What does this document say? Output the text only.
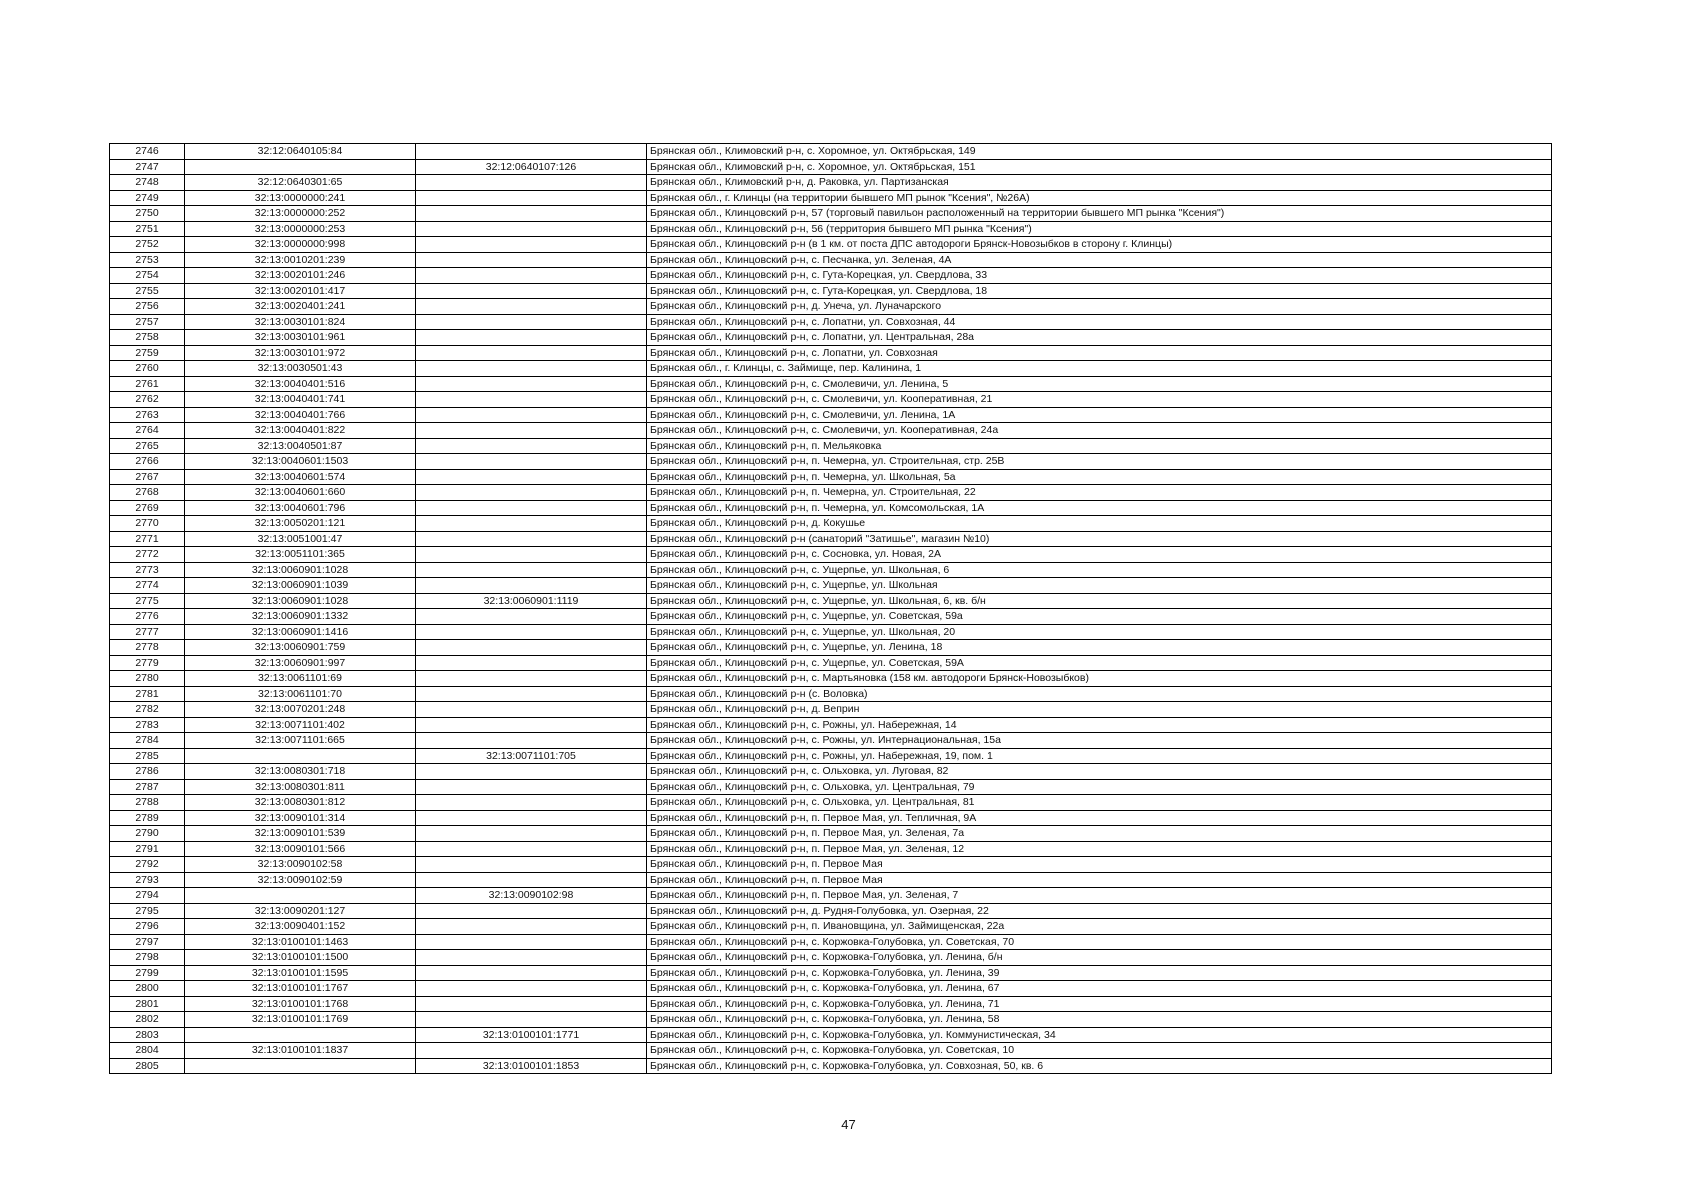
2746	32:12:0640105:84		Брянская обл., Климовский р-н, с. Хоромное, ул. Октябрьская, 149
2747		32:12:0640107:126	Брянская обл., Климовский р-н, с. Хоромное, ул. Октябрьская, 151
2748	32:12:0640301:65		Брянская обл., Климовский р-н, д. Раковка, ул. Партизанская
2749	32:13:0000000:241		Брянская обл., г. Клинцы (на территории бывшего МП рынок "Ксения", №26А)
2750	32:13:0000000:252		Брянская обл., Клинцовский р-н, 57 (торговый павильон расположенный на территории бывшего МП рынка "Ксения")
2751	32:13:0000000:253		Брянская обл., Клинцовский р-н, 56 (территория бывшего МП рынка "Ксения")
2752	32:13:0000000:998		Брянская обл., Клинцовский р-н (в 1 км. от поста ДПС автодороги Брянск-Новозыбков в сторону г. Клинцы)
2753	32:13:0010201:239		Брянская обл., Клинцовский р-н, с. Песчанка, ул. Зеленая, 4А
2754	32:13:0020101:246		Брянская обл., Клинцовский р-н, с. Гута-Корецкая, ул. Свердлова, 33
2755	32:13:0020101:417		Брянская обл., Клинцовский р-н, с. Гута-Корецкая, ул. Свердлова, 18
2756	32:13:0020401:241		Брянская обл., Клинцовский р-н, д. Унеча, ул. Луначарского
2757	32:13:0030101:824		Брянская обл., Клинцовский р-н, с. Лопатни, ул. Совхозная, 44
2758	32:13:0030101:961		Брянская обл., Клинцовский р-н, с. Лопатни, ул. Центральная, 28а
2759	32:13:0030101:972		Брянская обл., Клинцовский р-н, с. Лопатни, ул. Совхозная
2760	32:13:0030501:43		Брянская обл., г. Клинцы, с. Займище, пер. Калинина, 1
2761	32:13:0040401:516		Брянская обл., Клинцовский р-н, с. Смолевичи, ул. Ленина, 5
2762	32:13:0040401:741		Брянская обл., Клинцовский р-н, с. Смолевичи, ул. Кооперативная, 21
2763	32:13:0040401:766		Брянская обл., Клинцовский р-н, с. Смолевичи, ул. Ленина, 1А
2764	32:13:0040401:822		Брянская обл., Клинцовский р-н, с. Смолевичи, ул. Кооперативная, 24а
2765	32:13:0040501:87		Брянская обл., Клинцовский р-н, п. Мельяковка
2766	32:13:0040601:1503		Брянская обл., Клинцовский р-н, п. Чемерна, ул. Строительная, стр. 25В
2767	32:13:0040601:574		Брянская обл., Клинцовский р-н, п. Чемерна, ул. Школьная, 5а
2768	32:13:0040601:660		Брянская обл., Клинцовский р-н, п. Чемерна, ул. Строительная, 22
2769	32:13:0040601:796		Брянская обл., Клинцовский р-н, п. Чемерна, ул. Комсомольская, 1А
2770	32:13:0050201:121		Брянская обл., Клинцовский р-н, д. Кокушье
2771	32:13:0051001:47		Брянская обл., Клинцовский р-н (санаторий "Затишье", магазин №10)
2772	32:13:0051101:365		Брянская обл., Клинцовский р-н, с. Сосновка, ул. Новая, 2А
2773	32:13:0060901:1028		Брянская обл., Клинцовский р-н, с. Ущерпье, ул. Школьная, 6
2774	32:13:0060901:1039		Брянская обл., Клинцовский р-н, с. Ущерпье, ул. Школьная
2775	32:13:0060901:1028	32:13:0060901:1119	Брянская обл., Клинцовский р-н, с. Ущерпье, ул. Школьная, 6, кв. б/н
2776	32:13:0060901:1332		Брянская обл., Клинцовский р-н, с. Ущерпье, ул. Советская, 59а
2777	32:13:0060901:1416		Брянская обл., Клинцовский р-н, с. Ущерпье, ул. Школьная, 20
2778	32:13:0060901:759		Брянская обл., Клинцовский р-н, с. Ущерпье, ул. Ленина, 18
2779	32:13:0060901:997		Брянская обл., Клинцовский р-н, с. Ущерпье, ул. Советская, 59А
2780	32:13:0061101:69		Брянская обл., Клинцовский р-н, с. Мартьяновка (158 км. автодороги Брянск-Новозыбков)
2781	32:13:0061101:70		Брянская обл., Клинцовский р-н (с. Воловка)
2782	32:13:0070201:248		Брянская обл., Клинцовский р-н, д. Веприн
2783	32:13:0071101:402		Брянская обл., Клинцовский р-н, с. Рожны, ул. Набережная, 14
2784	32:13:0071101:665		Брянская обл., Клинцовский р-н, с. Рожны, ул. Интернациональная, 15а
2785		32:13:0071101:705	Брянская обл., Клинцовский р-н, с. Рожны, ул. Набережная, 19, пом. 1
2786	32:13:0080301:718		Брянская обл., Клинцовский р-н, с. Ольховка, ул. Луговая, 82
2787	32:13:0080301:811		Брянская обл., Клинцовский р-н, с. Ольховка, ул. Центральная, 79
2788	32:13:0080301:812		Брянская обл., Клинцовский р-н, с. Ольховка, ул. Центральная, 81
2789	32:13:0090101:314		Брянская обл., Клинцовский р-н, п. Первое Мая, ул. Тепличная, 9А
2790	32:13:0090101:539		Брянская обл., Клинцовский р-н, п. Первое Мая, ул. Зеленая, 7а
2791	32:13:0090101:566		Брянская обл., Клинцовский р-н, п. Первое Мая, ул. Зеленая, 12
2792	32:13:0090102:58		Брянская обл., Клинцовский р-н, п. Первое Мая
2793	32:13:0090102:59		Брянская обл., Клинцовский р-н, п. Первое Мая
2794		32:13:0090102:98	Брянская обл., Клинцовский р-н, п. Первое Мая, ул. Зеленая, 7
2795	32:13:0090201:127		Брянская обл., Клинцовский р-н, д. Рудня-Голубовка, ул. Озерная, 22
2796	32:13:0090401:152		Брянская обл., Клинцовский р-н, п. Ивановщина, ул. Займищенская, 22а
2797	32:13:0100101:1463		Брянская обл., Клинцовский р-н, с. Коржовка-Голубовка, ул. Советская, 70
2798	32:13:0100101:1500		Брянская обл., Клинцовский р-н, с. Коржовка-Голубовка, ул. Ленина, б/н
2799	32:13:0100101:1595		Брянская обл., Клинцовский р-н, с. Коржовка-Голубовка, ул. Ленина, 39
2800	32:13:0100101:1767		Брянская обл., Клинцовский р-н, с. Коржовка-Голубовка, ул. Ленина, 67
2801	32:13:0100101:1768		Брянская обл., Клинцовский р-н, с. Коржовка-Голубовка, ул. Ленина, 71
2802	32:13:0100101:1769		Брянская обл., Клинцовский р-н, с. Коржовка-Голубовка, ул. Ленина, 58
2803		32:13:0100101:1771	Брянская обл., Клинцовский р-н, с. Коржовка-Голубовка, ул. Коммунистическая, 34
2804	32:13:0100101:1837		Брянская обл., Клинцовский р-н, с. Коржовка-Голубовка, ул. Советская, 10
2805		32:13:0100101:1853	Брянская обл., Клинцовский р-н, с. Коржовка-Голубовка, ул. Совхозная, 50, кв. 6
47
